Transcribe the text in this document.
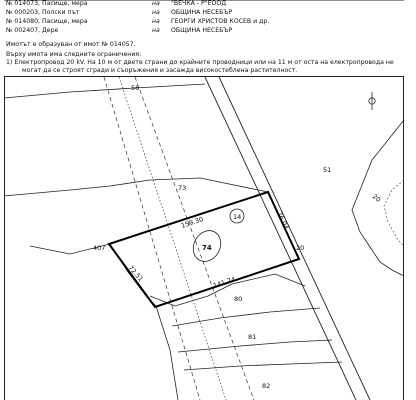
№ 014073, Пасище, мера	на "ВЕЧКА - Р"ЕООД
№ 000203, Полски път	на ОБЩИНА НЕСЕБЪР
№ 014080, Пасище, мера	на ГЕОРГИ ХРИСТОВ КОСЕВ и др.
№ 002407, Дере	на ОБЩИНА НЕСЕБЪР
Имотът е образуван от имот № 014057.
Върху имота има следните ограничения:
1) Електропровод 20 kV. На 10 м от двете страни до крайните проводници или на 11 м от оста на електропровода не
могат да се строят сгради и съоръжения и засажда високостеблена растителност.
56
73
51
407
80
81
82
20
20
159.30	76.04
72.51	141.74
74
14
